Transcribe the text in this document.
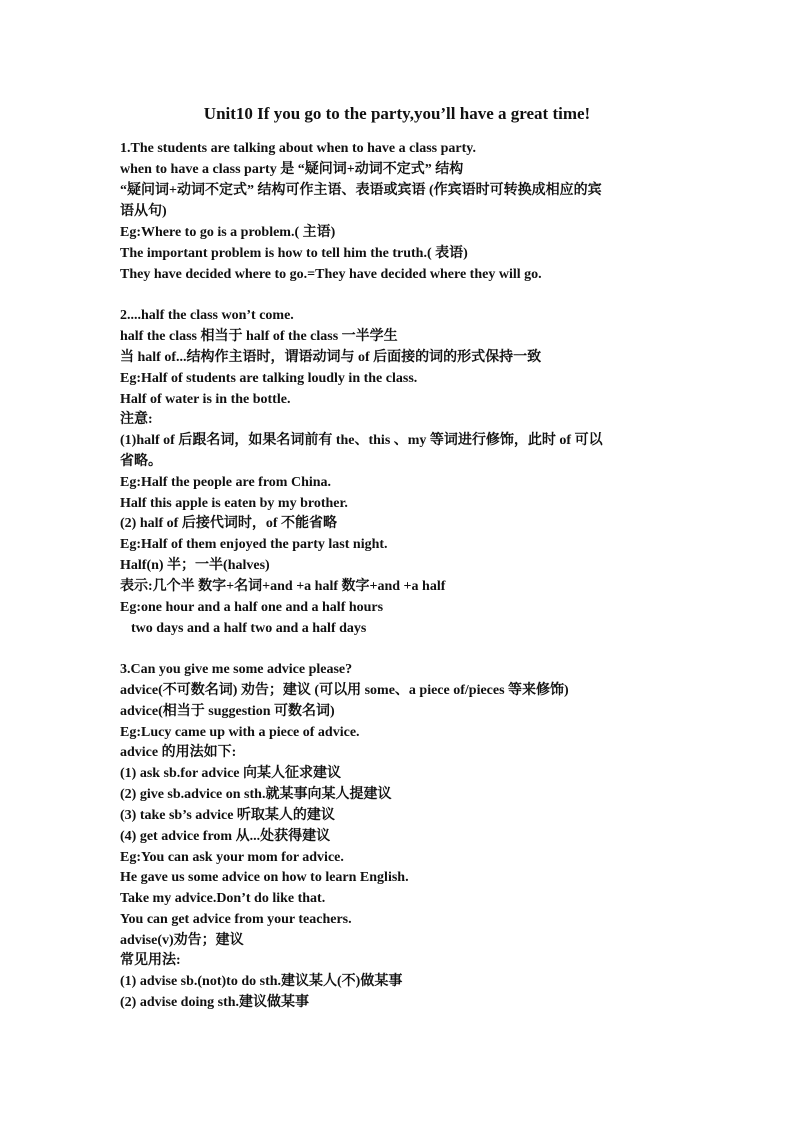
Unit10 If you go to the party,you’ll have a great time!
1.The students are talking about when to have a class party.
when to have a class party 是 “疑问词+动词不定式” 结构
“疑问词+动词不定式” 结构可作主语、表语或宾语 (作宾语时可转换成相应的宾
语从句)
Eg:Where to go is a problem.( 主语)
The important problem is how to tell him the truth.( 表语)
They have decided where to go.=They have decided where they will go.
2....half the class won’t come.
half the class 相当于 half of the class 一半学生
当 half of...结构作主语时，谓语动词与 of 后面接的词的形式保持一致
Eg:Half of students are talking loudly in the class.
Half of water is in the bottle.
注意:
(1)half of 后跟名词，如果名词前有 the、this 、my 等词进行修饰，此时 of 可以
省略。
Eg:Half the people are from China.
Half this apple is eaten by my brother.
(2) half of 后接代词时，of 不能省略
Eg:Half of them enjoyed the party last night.
Half(n) 半；一半(halves)
表示:几个半 数字+名词+and +a half 数字+and +a half
Eg:one hour and a half one and a half hours
two days and a half two and a half days
3.Can you give me some advice please?
advice(不可数名词) 劝告；建议 (可以用 some、a piece of/pieces 等来修饰)
advice(相当于 suggestion 可数名词)
Eg:Lucy came up with a piece of advice.
advice 的用法如下:
(1) ask sb.for advice 向某人征求建议
(2) give sb.advice on sth.就某事向某人提建议
(3) take sb’s advice 听取某人的建议
(4) get advice from 从...处获得建议
Eg:You can ask your mom for advice.
He gave us some advice on how to learn English.
Take my advice.Don’t do like that.
You can get advice from your teachers.
advise(v)劝告；建议
常见用法:
(1) advise sb.(not)to do sth.建议某人(不)做某事
(2) advise doing sth.建议做某事
